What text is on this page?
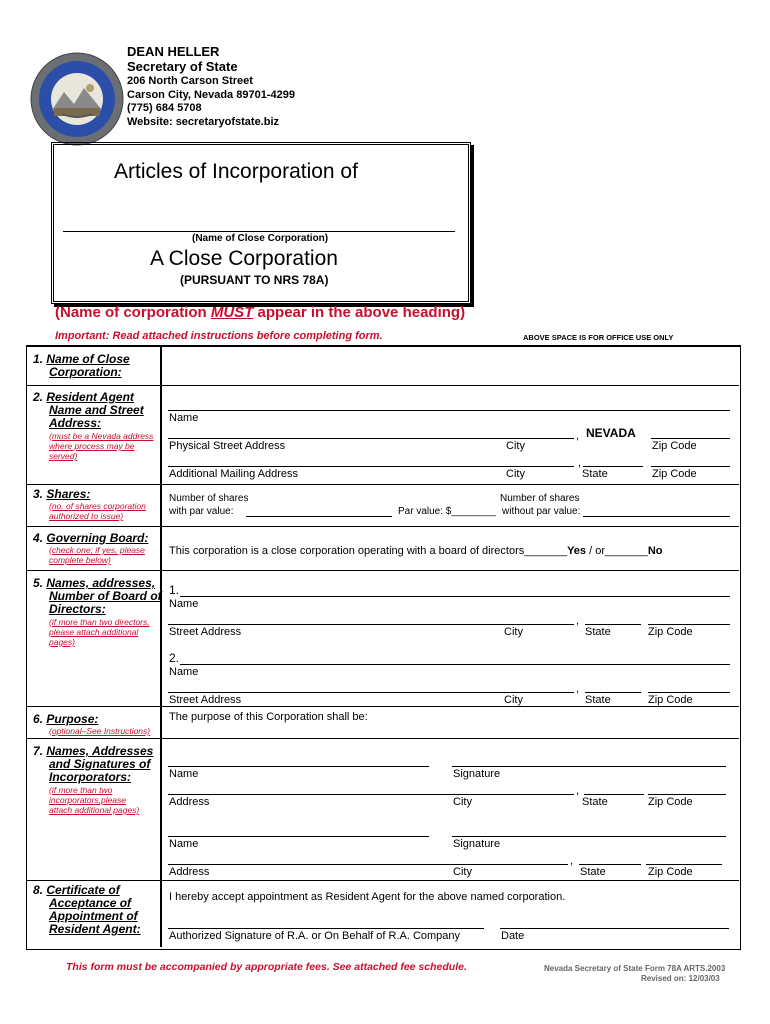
DEAN HELLER
Secretary of State
206 North Carson Street
Carson City, Nevada 89701-4299
(775) 684 5708
Website: secretaryofstate.biz
Articles of Incorporation of
(Name of Close Corporation)
A Close Corporation
(PURSUANT TO NRS 78A)
(Name of corporation MUST appear in the above heading)
Important: Read attached instructions before completing form.	ABOVE SPACE IS FOR OFFICE USE ONLY
1. Name of Close
Corporation:
2. Resident Agent
Name and Street
Address:
(must be a Nevada address
where process may be
served)
Name
, NEVADA
Physical Street Address	City	Zip Code
,
Additional Mailing Address	City	State	Zip Code
3. Shares:
(no. of shares corporation
authorized to issue)
Number of shares
with par value:	Par value: $________
Number of shares
without par value:
4. Governing Board:
(check one; if yes, please
complete below)
This corporation is a close corporation operating with a board of directors_______Yes / or_______No
5. Names, addresses,
Number of Board of
Directors:
(if more than two directors,
please attach additional
pages)
1.
Name
,
Street Address	City	State	Zip Code
2.
Name
,
Street Address	City	State	Zip Code
6. Purpose:
(optional–See Instructions)
The purpose of this Corporation shall be:
7. Names, Addresses
and Signatures of
Incorporators:
(if more than two
incorporators,please
attach additional pages)
Name	Signature
,
Address	City	State	Zip Code
Name	Signature
,
Address	City	State	Zip Code
8. Certificate of
Acceptance of
Appointment of
Resident Agent:
I hereby accept appointment as Resident Agent for the above named corporation.
Authorized Signature of R.A. or On Behalf of R.A. Company	Date
This form must be accompanied by appropriate fees. See attached fee schedule.	Nevada Secretary of State Form 78A ARTS.2003
Revised on: 12/03/03
